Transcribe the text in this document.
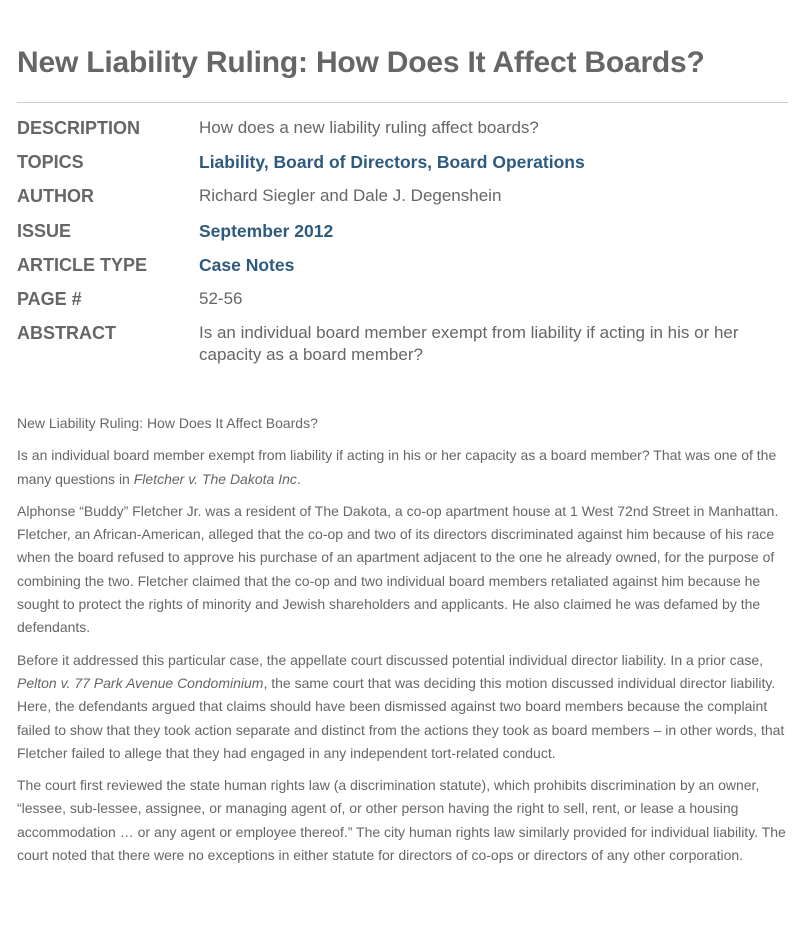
New Liability Ruling: How Does It Affect Boards?
DESCRIPTION	How does a new liability ruling affect boards?
TOPICS	Liability, Board of Directors, Board Operations
AUTHOR	Richard Siegler and Dale J. Degenshein
ISSUE	September 2012
ARTICLE TYPE	Case Notes
PAGE #	52-56
ABSTRACT	Is an individual board member exempt from liability if acting in his or her capacity as a board member?

New Liability Ruling: How Does It Affect Boards?

Is an individual board member exempt from liability if acting in his or her capacity as a board member? That was one of the many questions in Fletcher v. The Dakota Inc.

Alphonse “Buddy” Fletcher Jr. was a resident of The Dakota, a co-op apartment house at 1 West 72nd Street in Manhattan. Fletcher, an African-American, alleged that the co-op and two of its directors discriminated against him because of his race when the board refused to approve his purchase of an apartment adjacent to the one he already owned, for the purpose of combining the two. Fletcher claimed that the co-op and two individual board members retaliated against him because he sought to protect the rights of minority and Jewish shareholders and applicants. He also claimed he was defamed by the defendants.

Before it addressed this particular case, the appellate court discussed potential individual director liability. In a prior case, Pelton v. 77 Park Avenue Condominium, the same court that was deciding this motion discussed individual director liability. Here, the defendants argued that claims should have been dismissed against two board members because the complaint failed to show that they took action separate and distinct from the actions they took as board members – in other words, that Fletcher failed to allege that they had engaged in any independent tort-related conduct.

The court first reviewed the state human rights law (a discrimination statute), which prohibits discrimination by an owner, “lessee, sub-lessee, assignee, or managing agent of, or other person having the right to sell, rent, or lease a housing accommodation … or any agent or employee thereof.” The city human rights law similarly provided for individual liability. The court noted that there were no exceptions in either statute for directors of co-ops or directors of any other corporation.
